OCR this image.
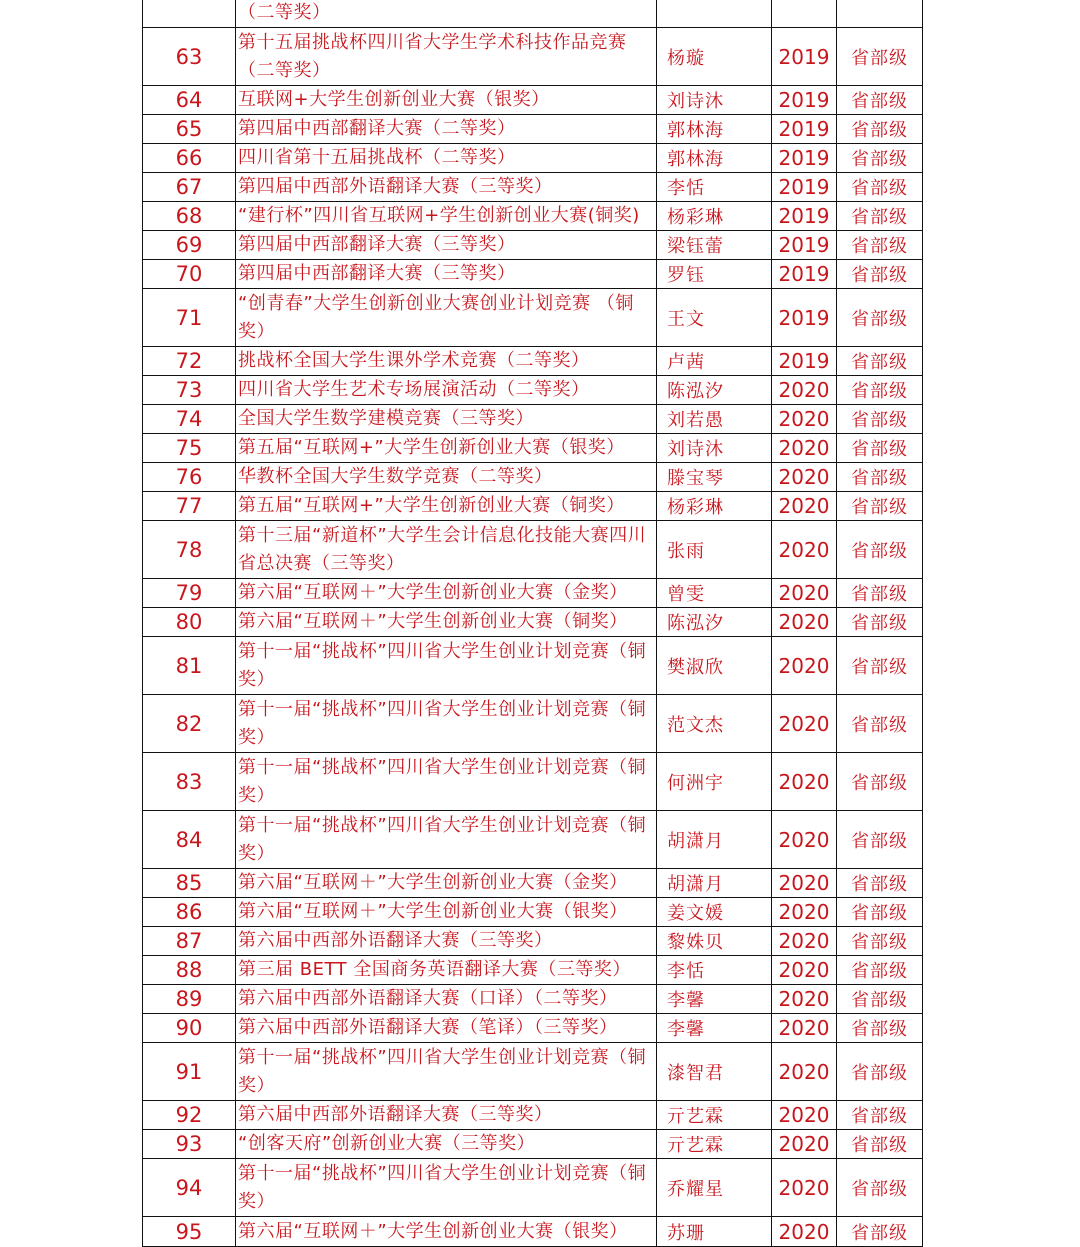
	（二等奖）			
63	第十五届挑战杯四川省大学生学术科技作品竞赛（二等奖）	杨璇	2019	省部级
64	互联网+大学生创新创业大赛（银奖）	刘诗沐	2019	省部级
65	第四届中西部翻译大赛（二等奖）	郭林海	2019	省部级
66	四川省第十五届挑战杯（二等奖）	郭林海	2019	省部级
67	第四届中西部外语翻译大赛（三等奖）	李恬	2019	省部级
68	“建行杯”四川省互联网+学生创新创业大赛(铜奖)	杨彩琳	2019	省部级
69	第四届中西部翻译大赛（三等奖）	梁钰蕾	2019	省部级
70	第四届中西部翻译大赛（三等奖）	罗钰	2019	省部级
71	“创青春”大学生创新创业大赛创业计划竞赛 （铜奖）	王文	2019	省部级
72	挑战杯全国大学生课外学术竞赛（二等奖）	卢茜	2019	省部级
73	四川省大学生艺术专场展演活动（二等奖）	陈泓汐	2020	省部级
74	全国大学生数学建模竞赛（三等奖）	刘若愚	2020	省部级
75	第五届“互联网+”大学生创新创业大赛（银奖）	刘诗沐	2020	省部级
76	华教杯全国大学生数学竞赛（二等奖）	滕宝琴	2020	省部级
77	第五届“互联网+”大学生创新创业大赛（铜奖）	杨彩琳	2020	省部级
78	第十三届“新道杯”大学生会计信息化技能大赛四川省总决赛（三等奖）	张雨	2020	省部级
79	第六届“互联网＋”大学生创新创业大赛（金奖）	曾雯	2020	省部级
80	第六届“互联网＋”大学生创新创业大赛（铜奖）	陈泓汐	2020	省部级
81	第十一届“挑战杯”四川省大学生创业计划竞赛（铜奖）	樊淑欣	2020	省部级
82	第十一届“挑战杯”四川省大学生创业计划竞赛（铜奖）	范文杰	2020	省部级
83	第十一届“挑战杯”四川省大学生创业计划竞赛（铜奖）	何洲宇	2020	省部级
84	第十一届“挑战杯”四川省大学生创业计划竞赛（铜奖）	胡潇月	2020	省部级
85	第六届“互联网＋”大学生创新创业大赛（金奖）	胡潇月	2020	省部级
86	第六届“互联网＋”大学生创新创业大赛（银奖）	姜文媛	2020	省部级
87	第六届中西部外语翻译大赛（三等奖）	黎姝贝	2020	省部级
88	第三届 BETT 全国商务英语翻译大赛（三等奖）	李恬	2020	省部级
89	第六届中西部外语翻译大赛（口译）（二等奖）	李馨	2020	省部级
90	第六届中西部外语翻译大赛（笔译）（三等奖）	李馨	2020	省部级
91	第十一届“挑战杯”四川省大学生创业计划竞赛（铜奖）	漆智君	2020	省部级
92	第六届中西部外语翻译大赛（三等奖）	亓艺霖	2020	省部级
93	“创客天府”创新创业大赛（三等奖）	亓艺霖	2020	省部级
94	第十一届“挑战杯”四川省大学生创业计划竞赛（铜奖）	乔耀星	2020	省部级
95	第六届“互联网＋”大学生创新创业大赛（银奖）	苏珊	2020	省部级
